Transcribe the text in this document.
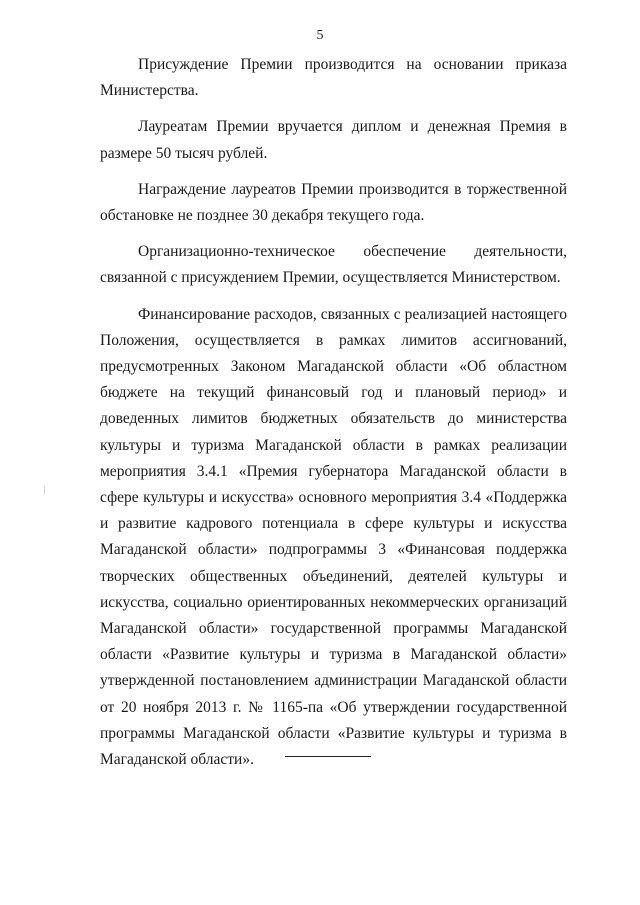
5

Присуждение Премии производится на основании приказа Министерства.

Лауреатам Премии вручается диплом и денежная Премия в размере 50 тысяч рублей.

Награждение лауреатов Премии производится в торжественной обстановке не позднее 30 декабря текущего года.

Организационно-техническое обеспечение деятельности, связанной с присуждением Премии, осуществляется Министерством.

Финансирование расходов, связанных с реализацией настоящего Положения, осуществляется в рамках лимитов ассигнований, предусмотренных Законом Магаданской области «Об областном бюджете на текущий финансовый год и плановый период» и доведенных лимитов бюджетных обязательств до министерства культуры и туризма Магаданской области в рамках реализации мероприятия 3.4.1 «Премия губернатора Магаданской области в сфере культуры и искусства» основного мероприятия 3.4 «Поддержка и развитие кадрового потенциала в сфере культуры и искусства Магаданской области» подпрограммы 3 «Финансовая поддержка творческих общественных объединений, деятелей культуры и искусства, социально ориентированных некоммерческих организаций Магаданской области» государственной программы Магаданской области «Развитие культуры и туризма в Магаданской области» утвержденной постановлением администрации Магаданской области от 20 ноября 2013 г. № 1165-па «Об утверждении государственной программы Магаданской области «Развитие культуры и туризма в Магаданской области».
